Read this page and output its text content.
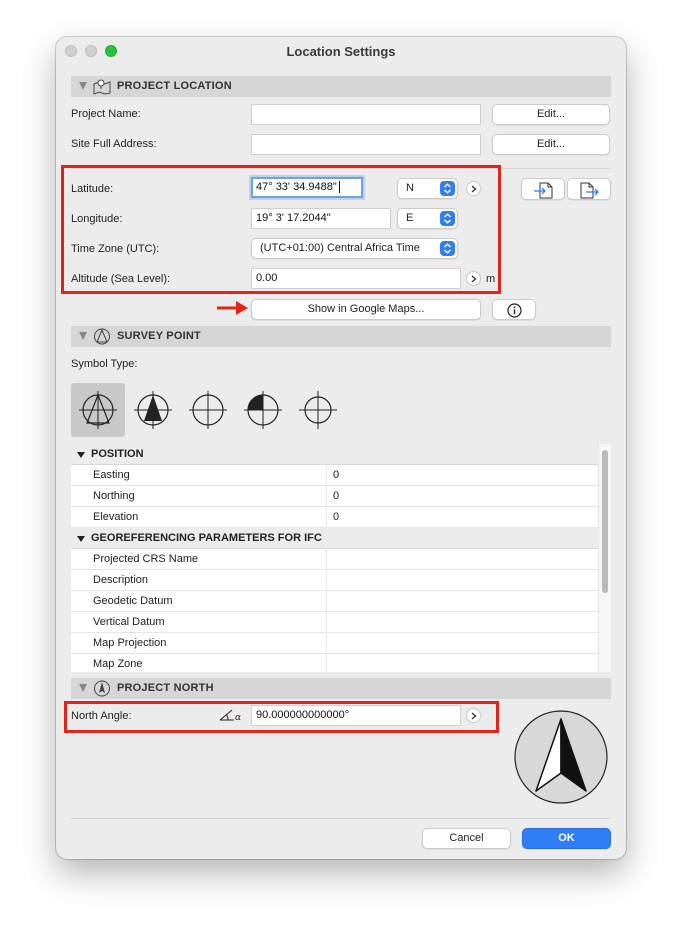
Location Settings
PROJECT LOCATION
Project Name:	Edit...
Site Full Address:	Edit...
Latitude:	47° 33' 34.9488"	N
Longitude:	19° 3' 17.2044"	E
Time Zone (UTC):	(UTC+01:00) Central Africa Time
Altitude (Sea Level):	0.00	m
Show in Google Maps...
SURVEY POINT
Symbol Type:
POSITION
Easting	0
Northing	0
Elevation	0
GEOREFERENCING PARAMETERS FOR IFC
Projected CRS Name
Description
Geodetic Datum
Vertical Datum
Map Projection
Map Zone
PROJECT NORTH
North Angle:	α	90.000000000000°
Cancel	OK
